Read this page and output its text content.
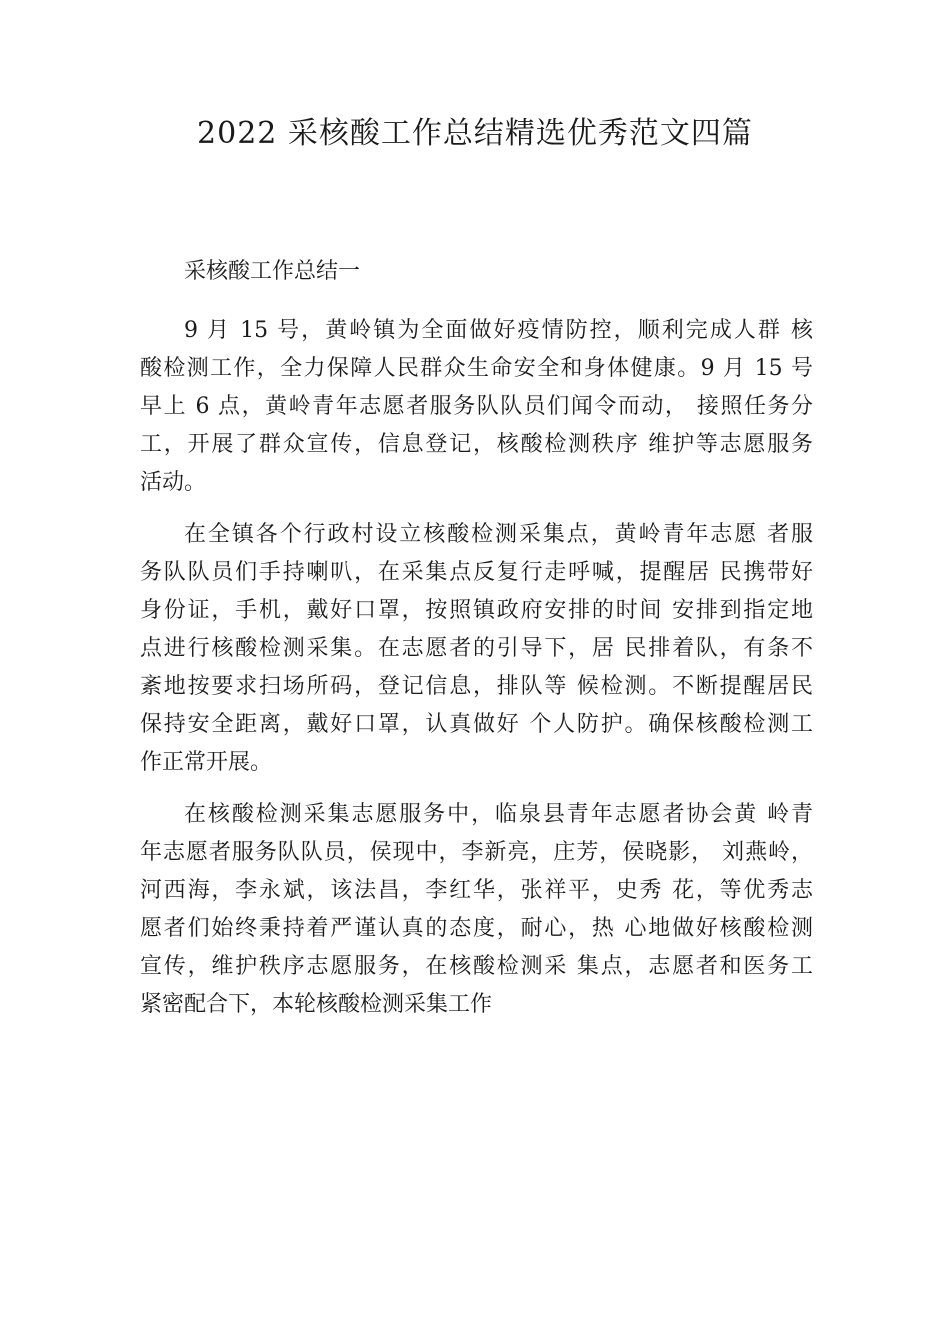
2022 采核酸工作总结精选优秀范文四篇

采核酸工作总结一

9 月 15 号，黄岭镇为全面做好疫情防控，顺利完成人群 核
酸检测工作，全力保障人民群众生命安全和身体健康。9 月 15 号
早上 6 点，黄岭青年志愿者服务队队员们闻令而动， 接照任务分
工，开展了群众宣传，信息登记，核酸检测秩序 维护等志愿服务
活动。

在全镇各个行政村设立核酸检测采集点，黄岭青年志愿 者服
务队队员们手持喇叭，在采集点反复行走呼喊，提醒居 民携带好
身份证，手机，戴好口罩，按照镇政府安排的时间 安排到指定地
点进行核酸检测采集。在志愿者的引导下，居 民排着队，有条不
紊地按要求扫场所码，登记信息，排队等 候检测。不断提醒居民
保持安全距离，戴好口罩，认真做好 个人防护。确保核酸检测工
作正常开展。

在核酸检测采集志愿服务中，临泉县青年志愿者协会黄 岭青
年志愿者服务队队员，侯现中，李新亮，庄芳，侯晓影， 刘燕岭，
河西海，李永斌，该法昌，李红华，张祥平，史秀 花，等优秀志
愿者们始终秉持着严谨认真的态度，耐心，热 心地做好核酸检测
宣传，维护秩序志愿服务，在核酸检测采 集点，志愿者和医务工
紧密配合下，本轮核酸检测采集工作
